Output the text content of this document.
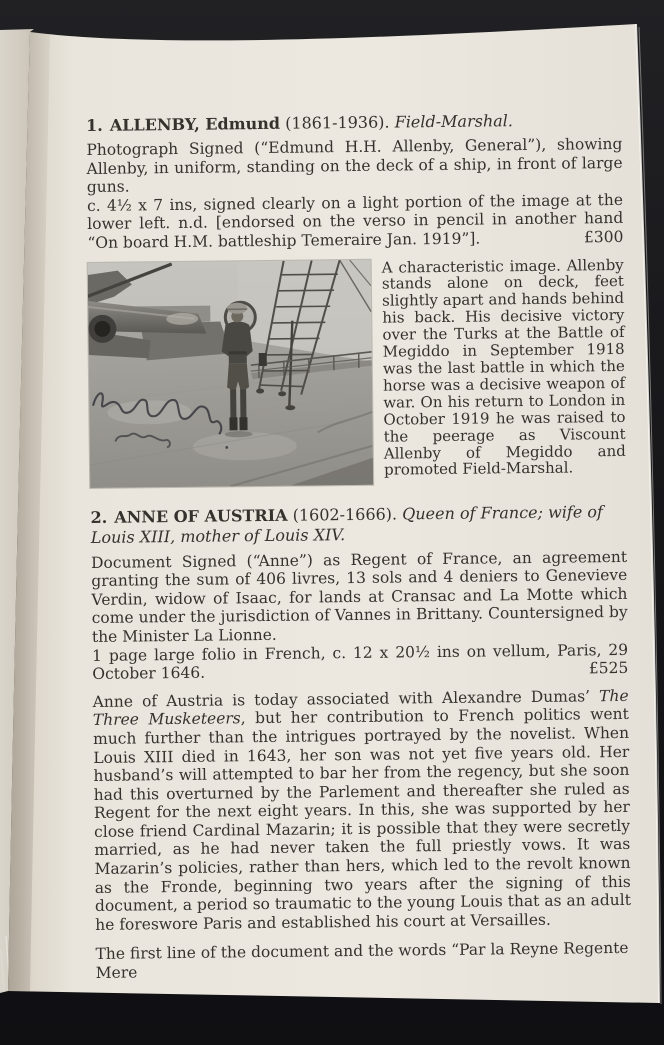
1. ALLENBY, Edmund (1861-1936). Field-Marshal.

Photograph Signed (“Edmund H.H. Allenby, General”), showing Allenby, in uniform, standing on the deck of a ship, in front of large guns.

c. 4½ x 7 ins, signed clearly on a light portion of the image at the lower left. n.d. [endorsed on the verso in pencil in another hand “On board H.M. battleship Temeraire Jan. 1919”].	£300

A characteristic image. Allenby stands alone on deck, feet slightly apart and hands behind his back. His decisive victory over the Turks at the Battle of Megiddo in September 1918 was the last battle in which the horse was a decisive weapon of war. On his return to London in October 1919 he was raised to the peerage as Viscount Allenby of Megiddo and promoted Field-Marshal.

2. ANNE OF AUSTRIA (1602-1666). Queen of France; wife of Louis XIII, mother of Louis XIV.

Document Signed (“Anne”) as Regent of France, an agreement granting the sum of 406 livres, 13 sols and 4 deniers to Genevieve Verdin, widow of Isaac, for lands at Cransac and La Motte which come under the jurisdiction of Vannes in Brittany. Countersigned by the Minister La Lionne.

1 page large folio in French, c. 12 x 20½ ins on vellum, Paris, 29 October 1646.	£525

Anne of Austria is today associated with Alexandre Dumas’ The Three Musketeers, but her contribution to French politics went much further than the intrigues portrayed by the novelist. When Louis XIII died in 1643, her son was not yet five years old. Her husband’s will attempted to bar her from the regency, but she soon had this overturned by the Parlement and thereafter she ruled as Regent for the next eight years. In this, she was supported by her close friend Cardinal Mazarin; it is possible that they were secretly married, as he had never taken the full priestly vows. It was Mazarin’s policies, rather than hers, which led to the revolt known as the Fronde, beginning two years after the signing of this document, a period so traumatic to the young Louis that as an adult he foreswore Paris and established his court at Versailles.

The first line of the document and the words “Par la Reyne Regente Mere
